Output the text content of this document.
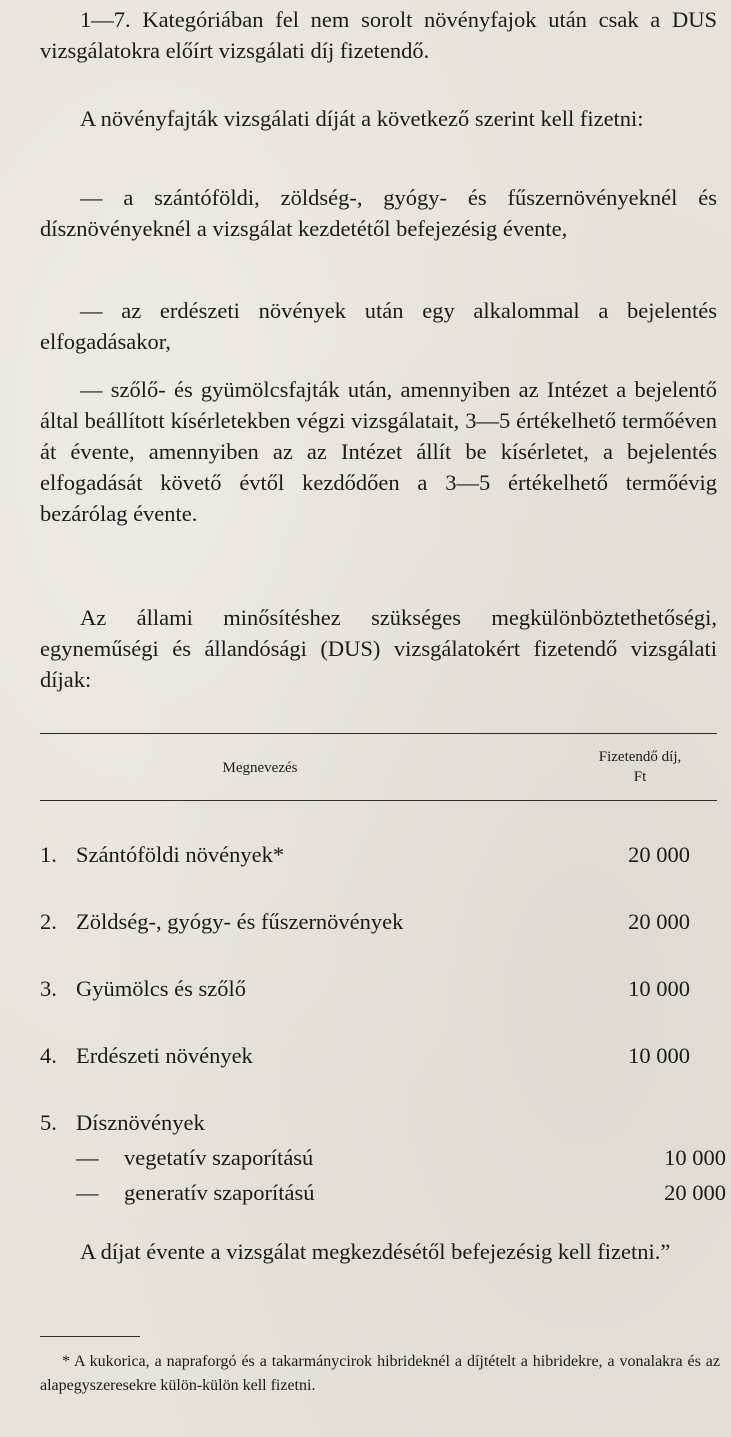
1—7. Kategóriában fel nem sorolt növényfajok után csak a DUS vizsgálatokra előírt vizsgálati díj fizetendő.

A növényfajták vizsgálati díját a következő szerint kell fizetni:

— a szántóföldi, zöldség-, gyógy- és fűszernövényeknél és dísznövényeknél a vizsgálat kezdetétől befejezésig évente,

— az erdészeti növények után egy alkalommal a bejelentés elfogadásakor,

— szőlő- és gyümölcsfajták után, amennyiben az Intézet a bejelentő által beállított kísérletekben végzi vizsgálatait, 3—5 értékelhető termőéven át évente, amennyiben az az Intézet állít be kísérletet, a bejelentés elfogadását követő évtől kezdődően a 3—5 értékelhető termőévig bezárólag évente.

Az állami minősítéshez szükséges megkülönböztethetőségi, egyneműségi és állandósági (DUS) vizsgálatokért fizetendő vizsgálati díjak:

Megnevezés
Fizetendő díj,
Ft
1. Szántóföldi növények*	20 000
2. Zöldség-, gyógy- és fűszernövények	20 000
3. Gyümölcs és szőlő	10 000
4. Erdészeti növények	10 000
5. Dísznövények
— vegetatív szaporítású	10 000
— generatív szaporítású	20 000

A díjat évente a vizsgálat megkezdésétől befejezésig kell fizetni.”

* A kukorica, a napraforgó és a takarmánycirok hibrideknél a díjtételt a hibridekre, a vonalakra és az alapegyszeresekre külön-külön kell fizetni.
